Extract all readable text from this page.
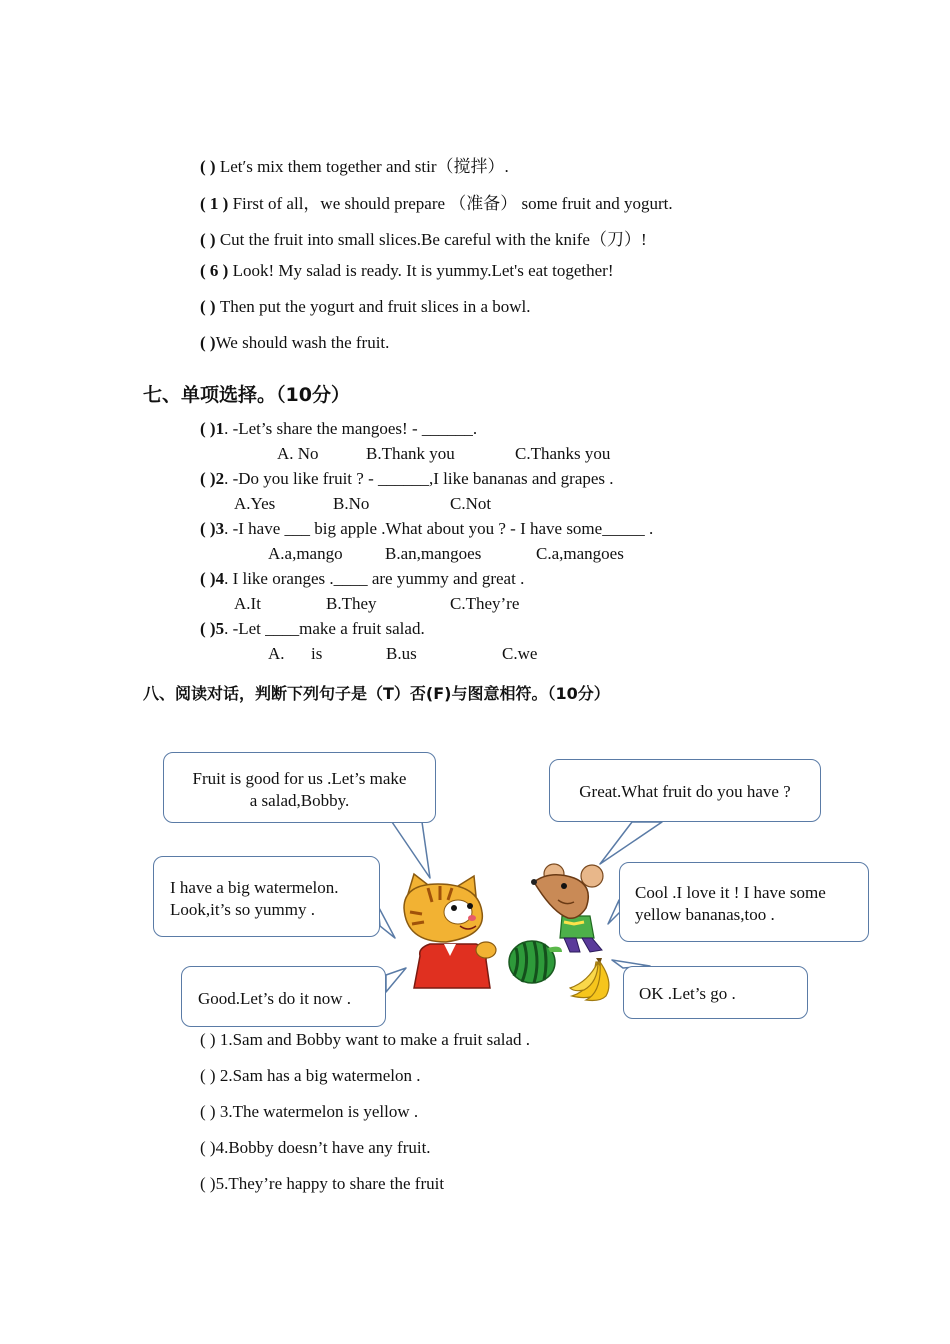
( ) Let′s mix them together and stir（搅拌）.
( 1 ) First of all，we should prepare （准备） some fruit and yogurt.
( ) Cut the fruit into small slices.Be careful with the knife（刀）!
( 6 ) Look! My salad is ready. It is yummy.Let's eat together!
( ) Then put the yogurt and fruit slices in a bowl.
( )We should wash the fruit.
七、单项选择。（10分）
( )1. -Let’s share the mangoes! - ______.
A. No	B.Thank you	C.Thanks you
( )2. -Do you like fruit ? - ______,I like bananas and grapes .
A.Yes	B.No	C.Not
( )3. -I have ___ big apple .What about you ? - I have some_____ .
A.a,mango B.an,mangoes	C.a,mangoes
( )4. I like oranges .____ are yummy and great .
A.It	B.They	C.They’re
( )5. -Let ____make a fruit salad.
A. is	B.us	C.we
八、阅读对话，判断下列句子是（T）否(F)与图意相符。（10分）
Fruit is good for us .Let’s make
a salad,Bobby.	Great.What fruit do you have ?
I have a big watermelon.
Look,it’s so yummy .
Cool .I love it ! I have some
yellow bananas,too .
Good.Let’s do it now .	OK .Let’s go .
( ) 1.Sam and Bobby want to make a fruit salad .
( ) 2.Sam has a big watermelon .
( ) 3.The watermelon is yellow .
( )4.Bobby doesn’t have any fruit.
( )5.They’re happy to share the fruit
